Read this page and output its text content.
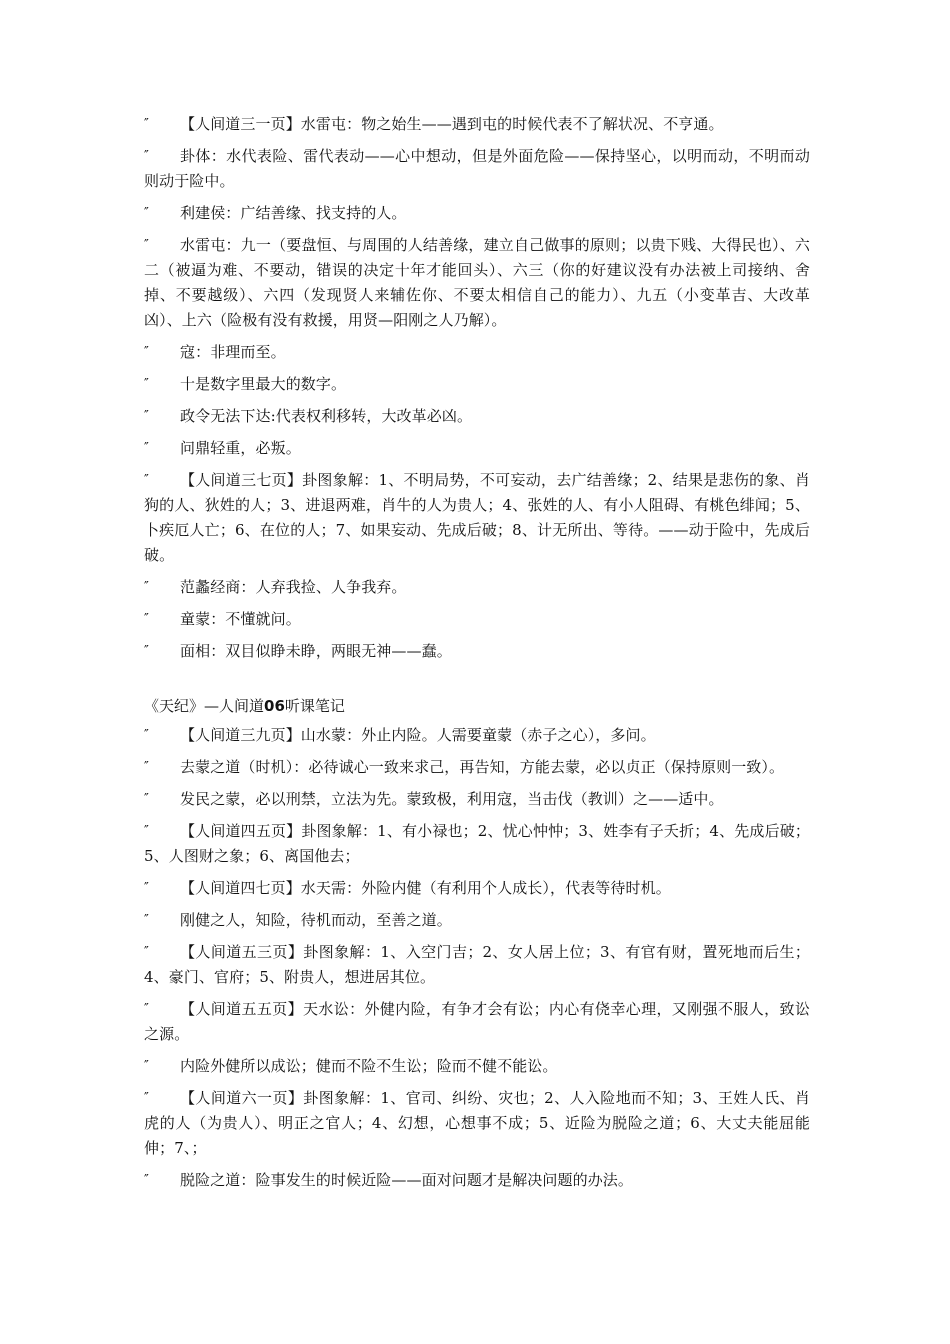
″	【人间道三一页】水雷屯：物之始生——遇到屯的时候代表不了解状况、不亨通。

″	卦体：水代表险、雷代表动——心中想动，但是外面危险——保持坚心，以明而动，不明而动则动于险中。

″	利建侯：广结善缘、找支持的人。

″	水雷屯：九一（要盘恒、与周围的人结善缘，建立自己做事的原则；以贵下贱、大得民也）、六二（被逼为难、不要动，错误的决定十年才能回头）、六三（你的好建议没有办法被上司接纳、舍掉、不要越级）、六四（发现贤人来辅佐你、不要太相信自己的能力）、九五（小变革吉、大改革凶）、上六（险极有没有救援，用贤—阳刚之人乃解）。

″	寇：非理而至。

″	十是数字里最大的数字。

″	政令无法下达:代表权利移转，大改革必凶。

″	问鼎轻重，必叛。

″	【人间道三七页】卦图象解：1、不明局势，不可妄动，去广结善缘；2、结果是悲伤的象、肖狗的人、狄姓的人；3、进退两难，肖牛的人为贵人；4、张姓的人、有小人阻碍、有桃色绯闻；5、卜疾厄人亡；6、在位的人；7、如果妄动、先成后破；8、计无所出、等待。——动于险中，先成后破。

″	范蠡经商：人弃我捡、人争我弃。

″	童蒙：不懂就问。

″	面相：双目似睁未睁，两眼无神——蠢。

《天纪》—人间道06听课笔记

″	【人间道三九页】山水蒙：外止内险。人需要童蒙（赤子之心），多问。

″	去蒙之道（时机）：必待诚心一致来求己，再告知，方能去蒙，必以贞正（保持原则一致）。

″	发民之蒙，必以刑禁，立法为先。蒙致极，利用寇，当击伐（教训）之——适中。

″	【人间道四五页】卦图象解：1、有小禄也；2、忧心忡忡；3、姓李有子夭折；4、先成后破；5、人图财之象；6、离国他去；

″	【人间道四七页】水天需：外险内健（有利用个人成长），代表等待时机。

″	刚健之人，知险，待机而动，至善之道。

″	【人间道五三页】卦图象解：1、入空门吉；2、女人居上位；3、有官有财，置死地而后生；4、豪门、官府；5、附贵人，想进居其位。

″	【人间道五五页】天水讼：外健内险，有争才会有讼；内心有侥幸心理，又刚强不服人，致讼之源。

″	内险外健所以成讼；健而不险不生讼；险而不健不能讼。

″	【人间道六一页】卦图象解：1、官司、纠纷、灾也；2、人入险地而不知；3、王姓人氏、肖虎的人（为贵人）、明正之官人；4、幻想，心想事不成；5、近险为脱险之道；6、大丈夫能屈能伸；7、；

″	脱险之道：险事发生的时候近险——面对问题才是解决问题的办法。
